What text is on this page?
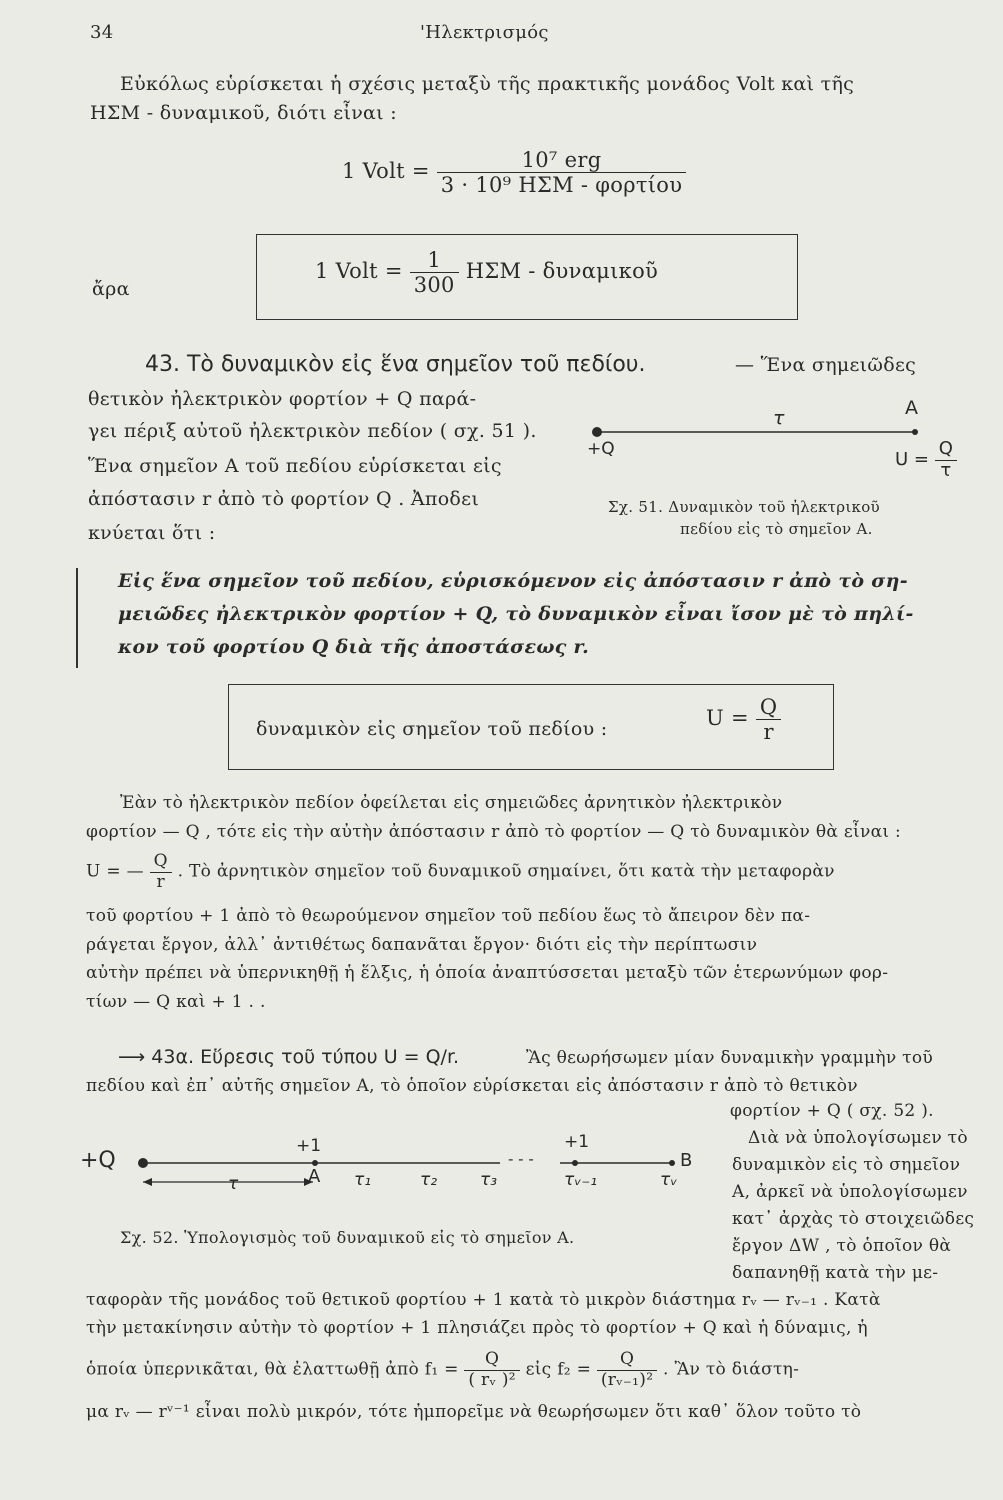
34	'Ηλεκτρισμός
Εὐκόλως εὑρίσκεται ἡ σχέσις μεταξὺ τῆς πρακτικῆς μονάδος Volt καὶ τῆς
ΗΣΜ - δυναμικοῦ, διότι εἶναι :
1 Volt = $\frac{\text{10⁷ erg}}{\text{3 · 10⁹ ΗΣΜ - φορτίου}}$
ἄρα
1 Volt = $\frac{1}{300}$ ΗΣΜ - δυναμικοῦ
43. Τὸ δυναμικὸν εἰς ἕνα σημεῖον τοῦ πεδίου.	— Ἕνα σημειῶδες
θετικὸν ἠλεκτρικὸν φορτίον + Q παρά-
γει πέριξ αὐτοῦ ἠλεκτρικὸν πεδίον ( σχ. 51 ).
Ἕνα σημεῖον Α τοῦ πεδίου εὑρίσκεται εἰς
ἀπόστασιν r ἀπὸ τὸ φορτίον Q . Ἀποδει
κνύεται ὅτι :
+Q
τ	A
$U = \frac{Q}{\tau}$
Σχ. 51. Δυναμικὸν τοῦ ἠλεκτρικοῦ
πεδίου εἰς τὸ σημεῖον Α.
Εἰς ἕνα σημεῖον τοῦ πεδίου, εὑρισκόμενον εἰς ἀπόστασιν r ἀπὸ τὸ ση-
μειῶδες ἠλεκτρικὸν φορτίον + Q, τὸ δυναμικὸν εἶναι ἴσον μὲ τὸ πηλί-
κον τοῦ φορτίου Q διὰ τῆς ἀποστάσεως r.
δυναμικὸν εἰς σημεῖον τοῦ πεδίου :	$U = \frac{Q}{r}$
Ἐὰν τὸ ἠλεκτρικὸν πεδίον ὀφείλεται εἰς σημειῶδες ἀρνητικὸν ἠλεκτρικὸν
φορτίον — Q , τότε εἰς τὴν αὐτὴν ἀπόστασιν r ἀπὸ τὸ φορτίον — Q τὸ δυναμικὸν θὰ εἶναι :
U = — $\frac{Q}{r}$ . Τὸ ἀρνητικὸν σημεῖον τοῦ δυναμικοῦ σημαίνει, ὅτι κατὰ τὴν μεταφορὰν
τοῦ φορτίου + 1 ἀπὸ τὸ θεωρούμενον σημεῖον τοῦ πεδίου ἕως τὸ ἄπειρον δὲν πα-
ράγεται ἔργον, ἀλλ᾽ ἀντιθέτως δαπανᾶται ἔργον· διότι εἰς τὴν περίπτωσιν
αὐτὴν πρέπει νὰ ὑπερνικηθῇ ἡ ἕλξις, ἡ ὁποία ἀναπτύσσεται μεταξὺ τῶν ἑτερωνύμων φορ-
τίων — Q καὶ + 1 . .
⟶ 43α. Εὕρεσις τοῦ τύπου U = Q/r.	Ἂς θεωρήσωμεν μίαν δυναμικὴν γραμμὴν τοῦ
πεδίου καὶ ἐπ᾽ αὐτῆς σημεῖον Α, τὸ ὁποῖον εὑρίσκεται εἰς ἀπόστασιν r ἀπὸ τὸ θετικὸν
φορτίον + Q ( σχ. 52 ).
Διὰ νὰ ὑπολογίσωμεν τὸ
δυναμικὸν εἰς τὸ σημεῖον
Α, ἀρκεῖ νὰ ὑπολογίσωμεν
κατ᾽ ἀρχὰς τὸ στοιχειῶδες
ἔργον ΔW , τὸ ὁποῖον θὰ
δαπανηθῇ κατὰ τὴν με-
+Q
+1	+1
A
B
τ	τ₁	τ₂	τ₃
- - -
τᵥ₋₁	τᵥ
Σχ. 52. Ὑπολογισμὸς τοῦ δυναμικοῦ εἰς τὸ σημεῖον Α.
ταφορὰν τῆς μονάδος τοῦ θετικοῦ φορτίου + 1 κατὰ τὸ μικρὸν διάστημα rᵥ — rᵥ₋₁ . Κατὰ
τὴν μετακίνησιν αὐτὴν τὸ φορτίον + 1 πλησιάζει πρὸς τὸ φορτίον + Q καὶ ἡ δύναμις, ἡ
ὁποία ὑπερνικᾶται, θὰ ἐλαττωθῇ ἀπὸ $f_1 = \frac{Q}{\text{( rᵥ )²}}$ εἰς $f_2 = \frac{Q}{\text{(rᵥ₋₁)²}}$ . Ἂν τὸ διάστη-
μα rᵥ — rᵛ⁻¹ εἶναι πολὺ μικρόν, τότε ἠμπορεῖμε νὰ θεωρήσωμεν ὅτι καθ᾽ ὅλον τοῦτο τὸ
